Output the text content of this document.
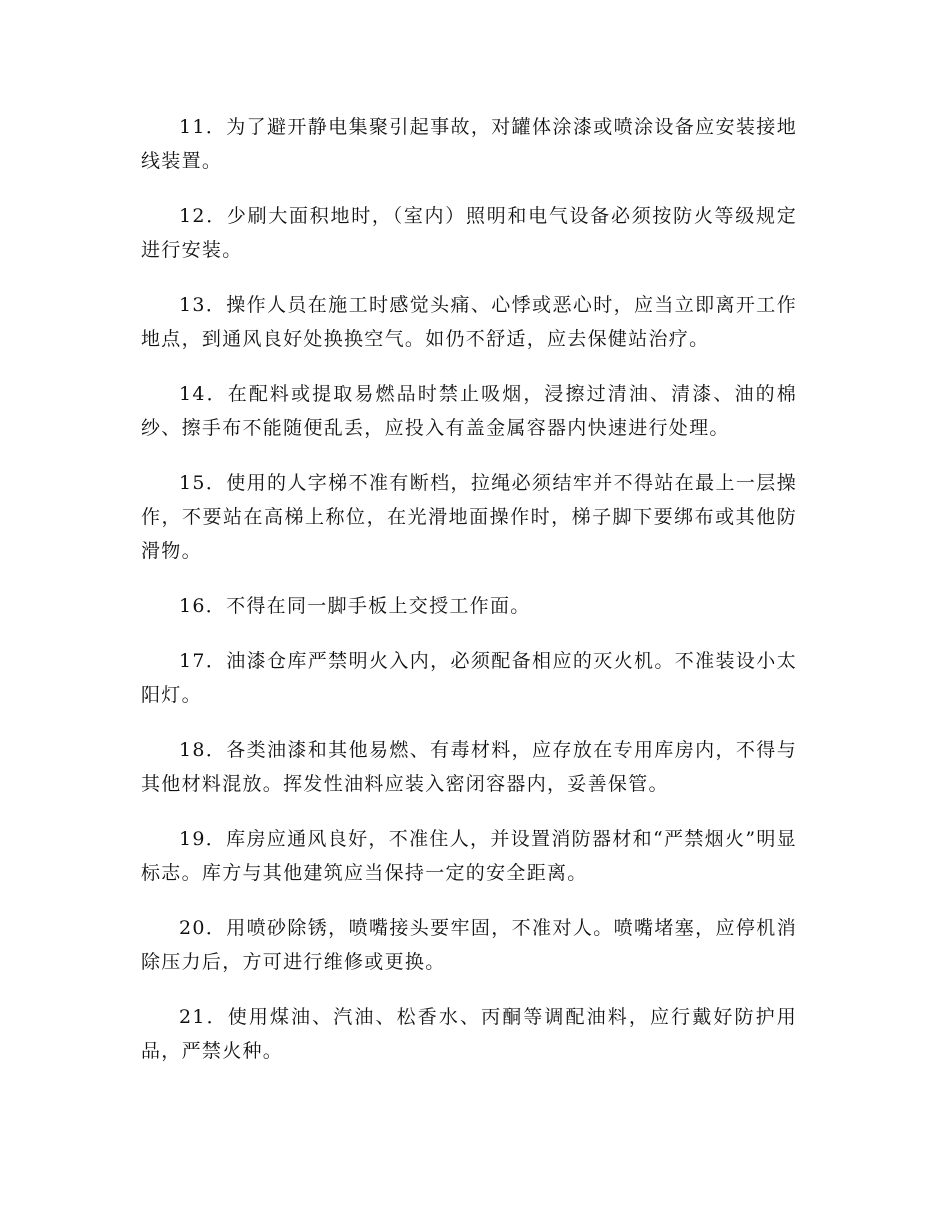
11．为了避开静电集聚引起事故，对罐体涂漆或喷涂设备应安装接地线装置。

12．少刷大面积地时，（室内）照明和电气设备必须按防火等级规定进行安装。

13．操作人员在施工时感觉头痛、心悸或恶心时，应当立即离开工作地点，到通风良好处换换空气。如仍不舒适，应去保健站治疗。

14．在配料或提取易燃品时禁止吸烟，浸擦过清油、清漆、油的棉纱、擦手布不能随便乱丢，应投入有盖金属容器内快速进行处理。

15．使用的人字梯不准有断档，拉绳必须结牢并不得站在最上一层操作，不要站在高梯上称位，在光滑地面操作时，梯子脚下要绑布或其他防滑物。

16．不得在同一脚手板上交授工作面。

17．油漆仓库严禁明火入内，必须配备相应的灭火机。不准装设小太阳灯。

18．各类油漆和其他易燃、有毒材料，应存放在专用库房内，不得与其他材料混放。挥发性油料应装入密闭容器内，妥善保管。

19．库房应通风良好，不准住人，并设置消防器材和“严禁烟火”明显标志。库方与其他建筑应当保持一定的安全距离。

20．用喷砂除锈，喷嘴接头要牢固，不准对人。喷嘴堵塞，应停机消除压力后，方可进行维修或更换。

21．使用煤油、汽油、松香水、丙酮等调配油料，应行戴好防护用品，严禁火种。
